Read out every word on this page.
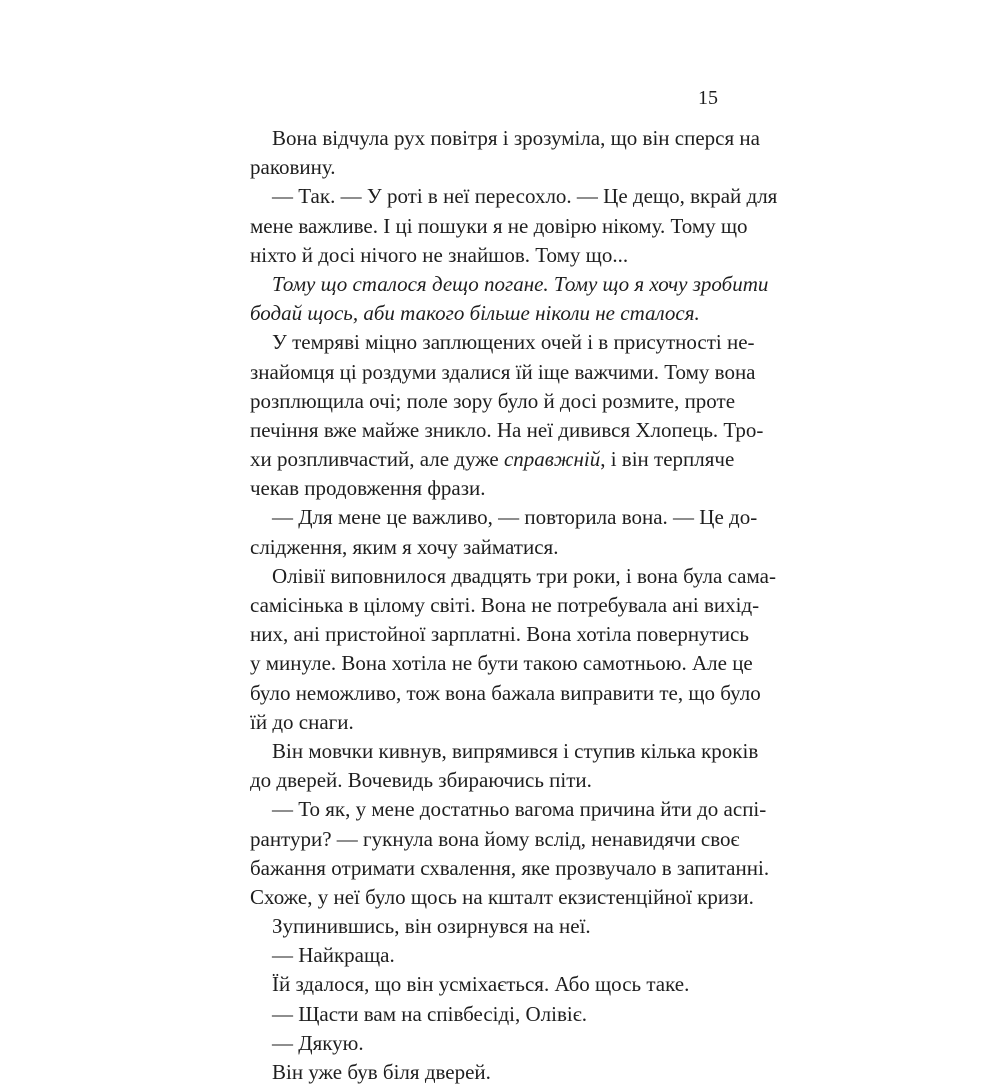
15
Вона відчула рух повітря і зрозуміла, що він сперся на
раковину.
— Так. — У роті в неї пересохло. — Це дещо, вкрай для
мене важливе. І ці пошуки я не довірю нікому. Тому що
ніхто й досі нічого не знайшов. Тому що...
Тому що сталося дещо погане. Тому що я хочу зробити
бодай щось, аби такого більше ніколи не сталося.
У темряві міцно заплющених очей і в присутності не-
знайомця ці роздуми здалися їй іще важчими. Тому вона
розплющила очі; поле зору було й досі розмите, проте
печіння вже майже зникло. На неї дивився Хлопець. Тро-
хи розпливчастий, але дуже справжній, і він терпляче
чекав продовження фрази.
— Для мене це важливо, — повторила вона. — Це до-
слідження, яким я хочу займатися.
Олівії виповнилося двадцять три роки, і вона була сама-
самісінька в цілому світі. Вона не потребувала ані вихід-
них, ані пристойної зарплатні. Вона хотіла повернутись
у минуле. Вона хотіла не бути такою самотньою. Але це
було неможливо, тож вона бажала виправити те, що було
їй до снаги.
Він мовчки кивнув, випрямився і ступив кілька кроків
до дверей. Вочевидь збираючись піти.
— То як, у мене достатньо вагома причина йти до аспі-
рантури? — гукнула вона йому вслід, ненавидячи своє
бажання отримати схвалення, яке прозвучало в запитанні.
Схоже, у неї було щось на кшталт екзистенційної кризи.
Зупинившись, він озирнувся на неї.
— Найкраща.
Їй здалося, що він усміхається. Або щось таке.
— Щасти вам на співбесіді, Олівіє.
— Дякую.
Він уже був біля дверей.
